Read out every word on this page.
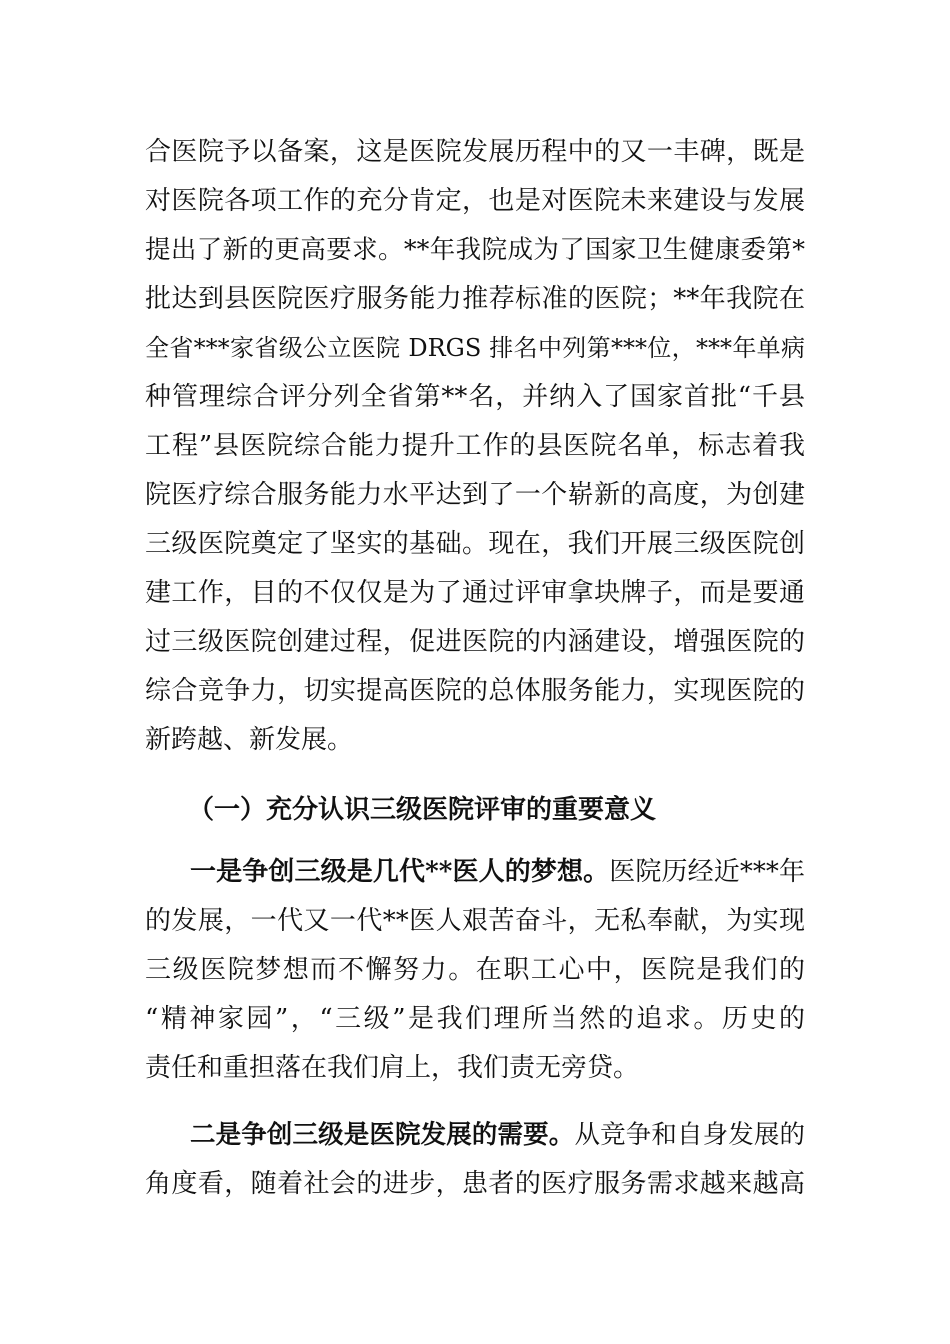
合医院予以备案，这是医院发展历程中的又一丰碑，既是
对医院各项工作的充分肯定，也是对医院未来建设与发展
提出了新的更高要求。**年我院成为了国家卫生健康委第*
批达到县医院医疗服务能力推荐标准的医院；**年我院在
全省***家省级公立医院 DRGS 排名中列第***位，***年单病
种管理综合评分列全省第**名，并纳入了国家首批“千县
工程”县医院综合能力提升工作的县医院名单，标志着我
院医疗综合服务能力水平达到了一个崭新的高度，为创建
三级医院奠定了坚实的基础。现在，我们开展三级医院创
建工作，目的不仅仅是为了通过评审拿块牌子，而是要通
过三级医院创建过程，促进医院的内涵建设，增强医院的
综合竞争力，切实提高医院的总体服务能力，实现医院的
新跨越、新发展。
（一）充分认识三级医院评审的重要意义
一是争创三级是几代**医人的梦想。医院历经近***年
的发展，一代又一代**医人艰苦奋斗，无私奉献，为实现
三级医院梦想而不懈努力。在职工心中，医院是我们的
“精神家园”，“三级”是我们理所当然的追求。历史的
责任和重担落在我们肩上，我们责无旁贷。
二是争创三级是医院发展的需要。从竞争和自身发展的
角度看，随着社会的进步，患者的医疗服务需求越来越高
